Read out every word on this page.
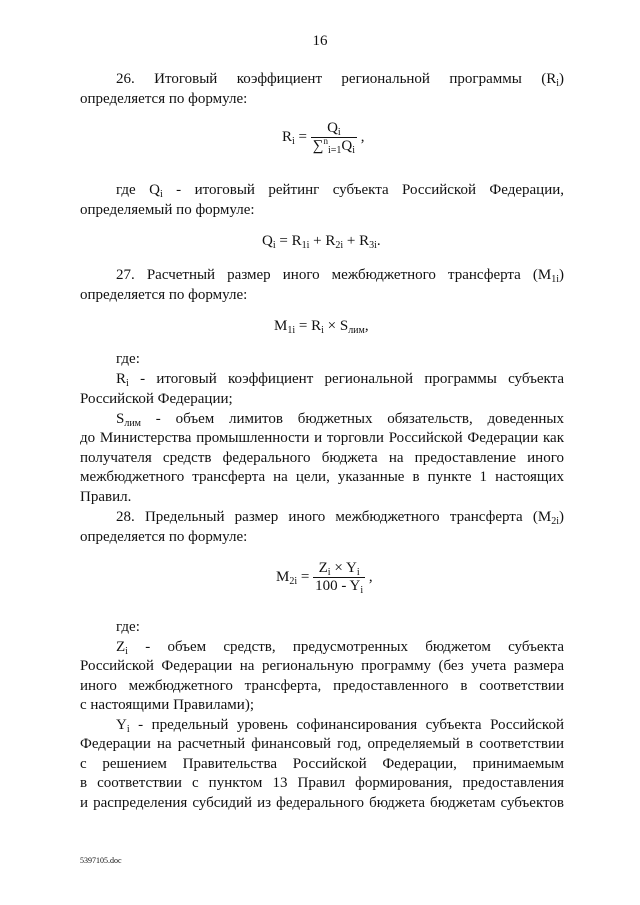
16
26. Итоговый коэффициент региональной программы $(R_i)$
определяется по формуле:
$R_i = \frac{Q_i}{\sum^n_{i=1}Q_i}$ ,
где $Q_i$ - итоговый рейтинг субъекта Российской Федерации,
определяемый по формуле:
$Q_i = R_{1i} + R_{2i} + R_{3i}$.
27. Расчетный размер иного межбюджетного трансферта $(М_{1i})$
определяется по формуле:
$M_{1i} = R_i \times S_{лим}$,
где:
$R_i$ - итоговый коэффициент региональной программы субъекта
Российской Федерации;
$S_{лим}$ - объем лимитов бюджетных обязательств, доведенных
до Министерства промышленности и торговли Российской Федерации как
получателя средств федерального бюджета на предоставление иного
межбюджетного трансферта на цели, указанные в пункте 1 настоящих
Правил.
28. Предельный размер иного межбюджетного трансферта $(М_{2i})$
определяется по формуле:
$M_{2i} = \frac{Z_i \times Y_i}{100 - Y_i}$ ,
где:
$Z_i$ - объем средств, предусмотренных бюджетом субъекта
Российской Федерации на региональную программу (без учета размера
иного межбюджетного трансферта, предоставленного в соответствии
с настоящими Правилами);
$Y_i$ - предельный уровень софинансирования субъекта Российской
Федерации на расчетный финансовый год, определяемый в соответствии
с решением Правительства Российской Федерации, принимаемым
в соответствии с пунктом 13 Правил формирования, предоставления
и распределения субсидий из федерального бюджета бюджетам субъектов
5397105.doc
